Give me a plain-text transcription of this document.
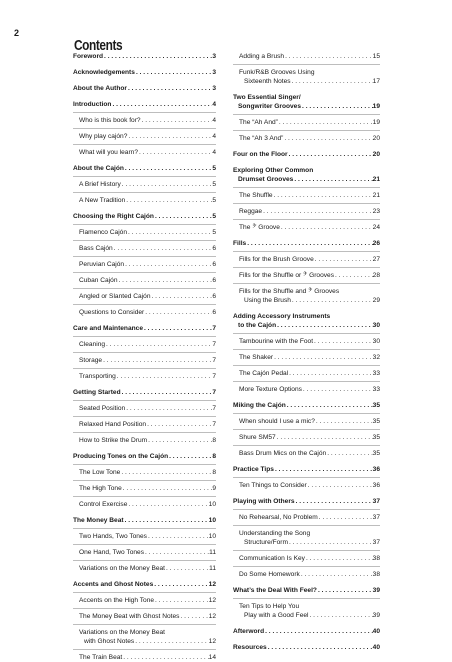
2
Contents
Foreword . . .	3
Acknowledgements . . .	3
About the Author . . .	3
Introduction . . .	4
Who is this book for? . . .	4
Why play cajón? . . .	4
What will you learn? . . .	4
About the Cajón . . .	5
A Brief History . . .	5
A New Tradition . . .	5
Choosing the Right Cajón . . .	5
Flamenco Cajón . . .	5
Bass Cajón . . .	6
Peruvian Cajón . . .	6
Cuban Cajón . . .	6
Angled or Slanted Cajón . . .	6
Questions to Consider . . .	6
Care and Maintenance . . .	7
Cleaning . . .	7
Storage . . .	7
Transporting . . .	7
Getting Started . . .	7
Seated Position . . .	7
Relaxed Hand Position . . .	7
How to Strike the Drum . . .	8
Producing Tones on the Cajón . . .	8
The Low Tone . . .	8
The High Tone . . .	9
Control Exercise . . .	10
The Money Beat . . .	10
Two Hands, Two Tones . . .	10
One Hand, Two Tones . . .	11
Variations on the Money Beat . . .	11
Accents and Ghost Notes . . .	12
Accents on the High Tone . . .	12
The Money Beat with Ghost Notes . . .	12
Variations on the Money Beat
with Ghost Notes . . .	12
The Train Beat . . .	14
Adding a Brush . . .	15
Funk/R&B Grooves Using
Sixteenth Notes . . .	17
Two Essential Singer/
Songwriter Grooves . . .	19
The “Ah And” . . .	19
The “Ah 3 And” . . .	20
Four on the Floor . . .	20
Exploring Other Common
Drumset Grooves . . .	21
The Shuffle . . .	21
Reggae . . .	23
The 𝄢 Groove . . .	24
Fills . . .	26
Fills for the Brush Groove . . .	27
Fills for the Shuffle or 𝄢 Grooves . . .	28
Fills for the Shuffle and 𝄢 Grooves
Using the Brush . . .	29
Adding Accessory Instruments
to the Cajón . . .	30
Tambourine with the Foot . . .	30
The Shaker . . .	32
The Cajón Pedal . . .	33
More Texture Options . . .	33
Miking the Cajón . . .	35
When should I use a mic? . . .	35
Shure SM57 . . .	35
Bass Drum Mics on the Cajón . . .	35
Practice Tips . . .	36
Ten Things to Consider . . .	36
Playing with Others . . .	37
No Rehearsal, No Problem . . .	37
Understanding the Song
Structure/Form . . .	37
Communication Is Key . . .	38
Do Some Homework . . .	38
What’s the Deal With Feel? . . .	39
Ten Tips to Help You
Play with a Good Feel . . .	39
Afterword . . .	40
Resources . . .	40
